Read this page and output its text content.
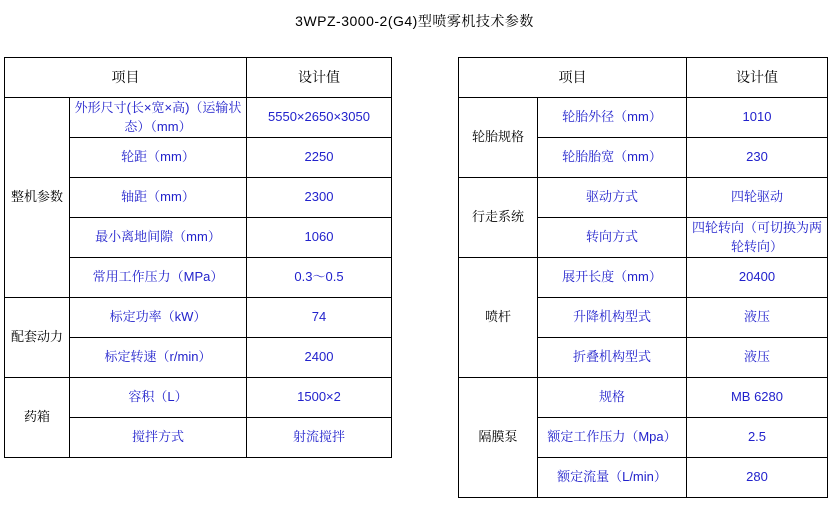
3WPZ-3000-2(G4)型喷雾机技术参数
项目		设计值
整机参数	外形尺寸(长×宽×高)（运输状态）（mm）	5550×2650×3050
	轮距（mm）	2250
	轴距（mm）	2300
	最小离地间隙（mm）	1060
	常用工作压力（MPa）	0.3～0.5
配套动力	标定功率（kW）	74
	标定转速（r/min）	2400
药箱	容积（L）	1500×2
	搅拌方式	射流搅拌
项目		设计值
轮胎规格	轮胎外径（mm）	1010
	轮胎胎宽（mm）	230
行走系统	驱动方式	四轮驱动
	转向方式	四轮转向（可切换为两轮转向）
喷杆	展开长度（mm）	20400
	升降机构型式	液压
	折叠机构型式	液压
隔膜泵	规格	MB 6280
	额定工作压力（Mpa）	2.5
	额定流量（L/min）	280
